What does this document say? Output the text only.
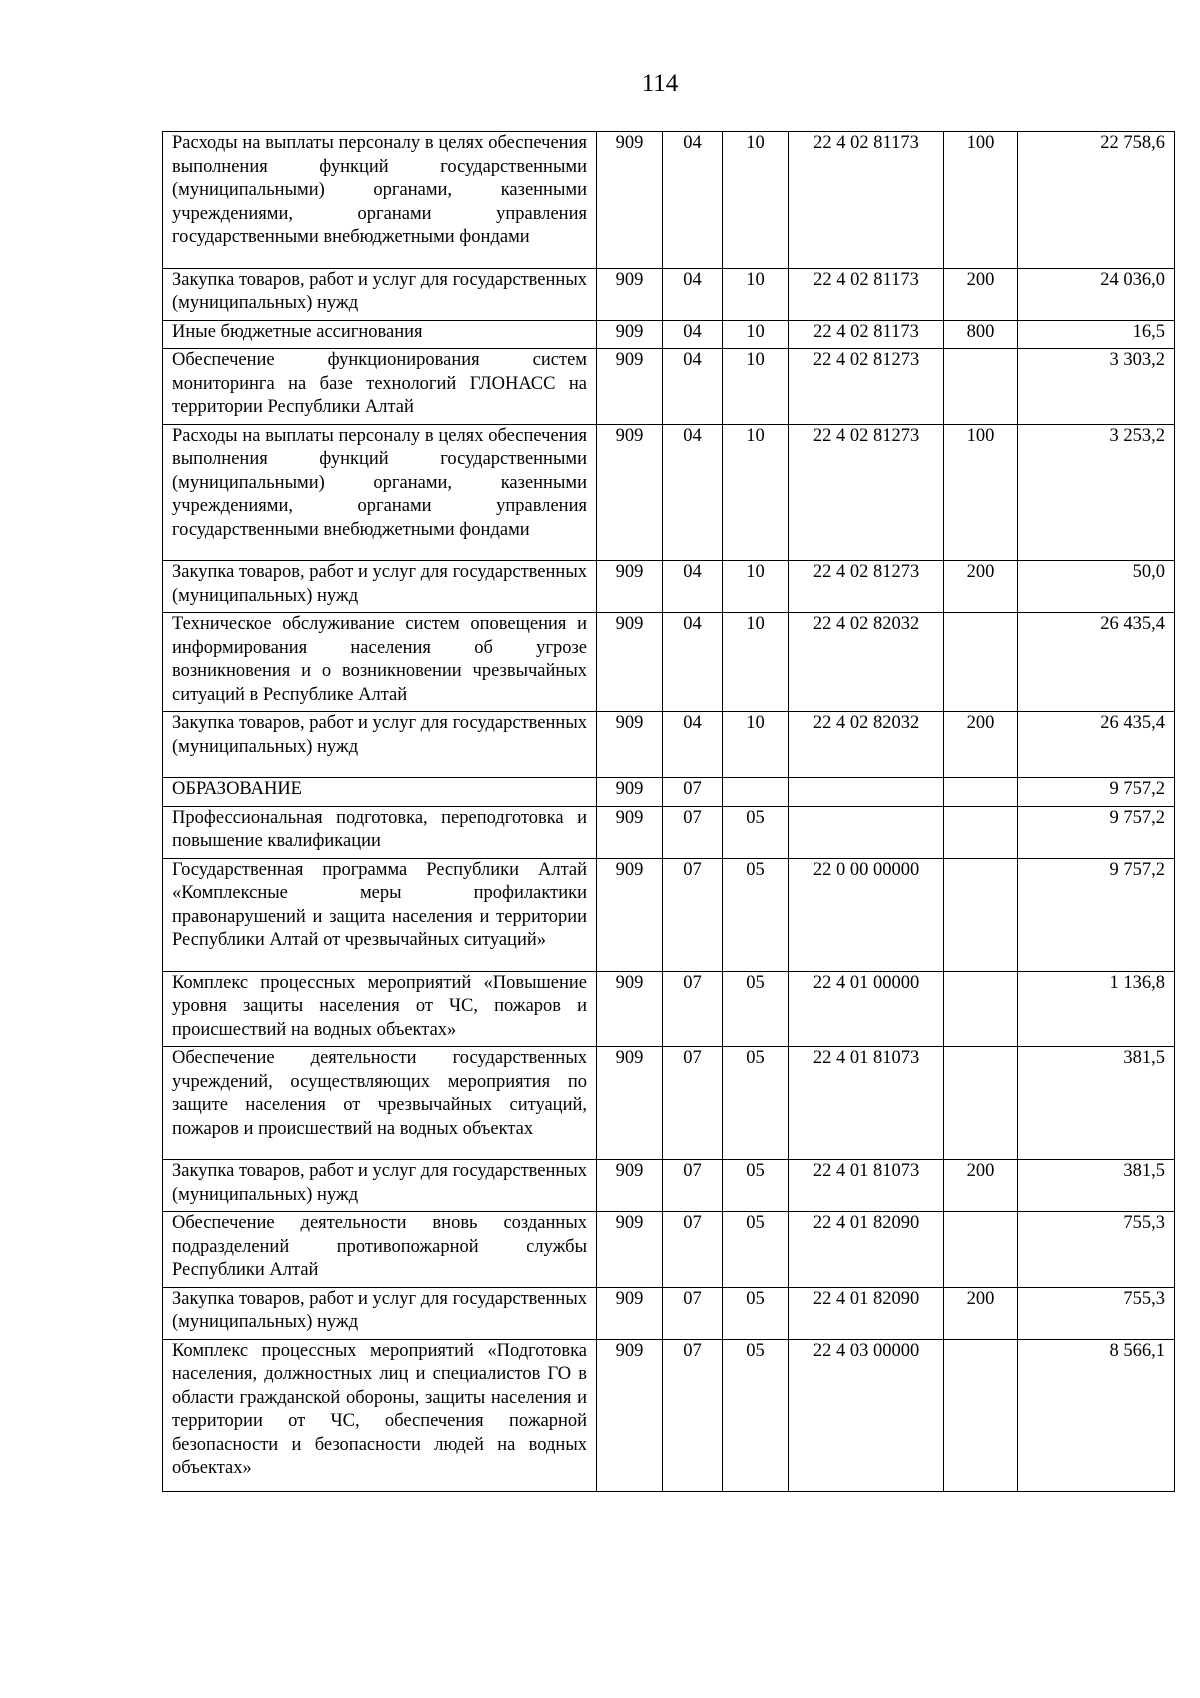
114
Расходы на выплаты персоналу в целях обеспечения выполнения функций государственными (муниципальными) органами, казенными учреждениями, органами управления государственными внебюджетными фондами	909	04	10	22 4 02 81173	100	22 758,6
Закупка товаров, работ и услуг для государственных (муниципальных) нужд	909	04	10	22 4 02 81173	200	24 036,0
Иные бюджетные ассигнования	909	04	10	22 4 02 81173	800	16,5
Обеспечение функционирования систем мониторинга на базе технологий ГЛОНАСС на территории Республики Алтай	909	04	10	22 4 02 81273		3 303,2
Расходы на выплаты персоналу в целях обеспечения выполнения функций государственными (муниципальными) органами, казенными учреждениями, органами управления государственными внебюджетными фондами	909	04	10	22 4 02 81273	100	3 253,2
Закупка товаров, работ и услуг для государственных (муниципальных) нужд	909	04	10	22 4 02 81273	200	50,0
Техническое обслуживание систем оповещения и информирования населения об угрозе возникновения и о возникновении чрезвычайных ситуаций в Республике Алтай	909	04	10	22 4 02 82032		26 435,4
Закупка товаров, работ и услуг для государственных (муниципальных) нужд	909	04	10	22 4 02 82032	200	26 435,4
ОБРАЗОВАНИЕ	909	07				9 757,2
Профессиональная подготовка, переподготовка и повышение квалификации	909	07	05			9 757,2
Государственная программа Республики Алтай «Комплексные меры профилактики правонарушений и защита населения и территории Республики Алтай от чрезвычайных ситуаций»	909	07	05	22 0 00 00000		9 757,2
Комплекс процессных мероприятий «Повышение уровня защиты населения от ЧС, пожаров и происшествий на водных объектах»	909	07	05	22 4 01 00000		1 136,8
Обеспечение деятельности государственных учреждений, осуществляющих мероприятия по защите населения от чрезвычайных ситуаций, пожаров и происшествий на водных объектах	909	07	05	22 4 01 81073		381,5
Закупка товаров, работ и услуг для государственных (муниципальных) нужд	909	07	05	22 4 01 81073	200	381,5
Обеспечение деятельности вновь созданных подразделений противопожарной службы Республики Алтай	909	07	05	22 4 01 82090		755,3
Закупка товаров, работ и услуг для государственных (муниципальных) нужд	909	07	05	22 4 01 82090	200	755,3
Комплекс процессных мероприятий «Подготовка населения, должностных лиц и специалистов ГО в области гражданской обороны, защиты населения и территории от ЧС, обеспечения пожарной безопасности и безопасности людей на водных объектах»	909	07	05	22 4 03 00000		8 566,1
